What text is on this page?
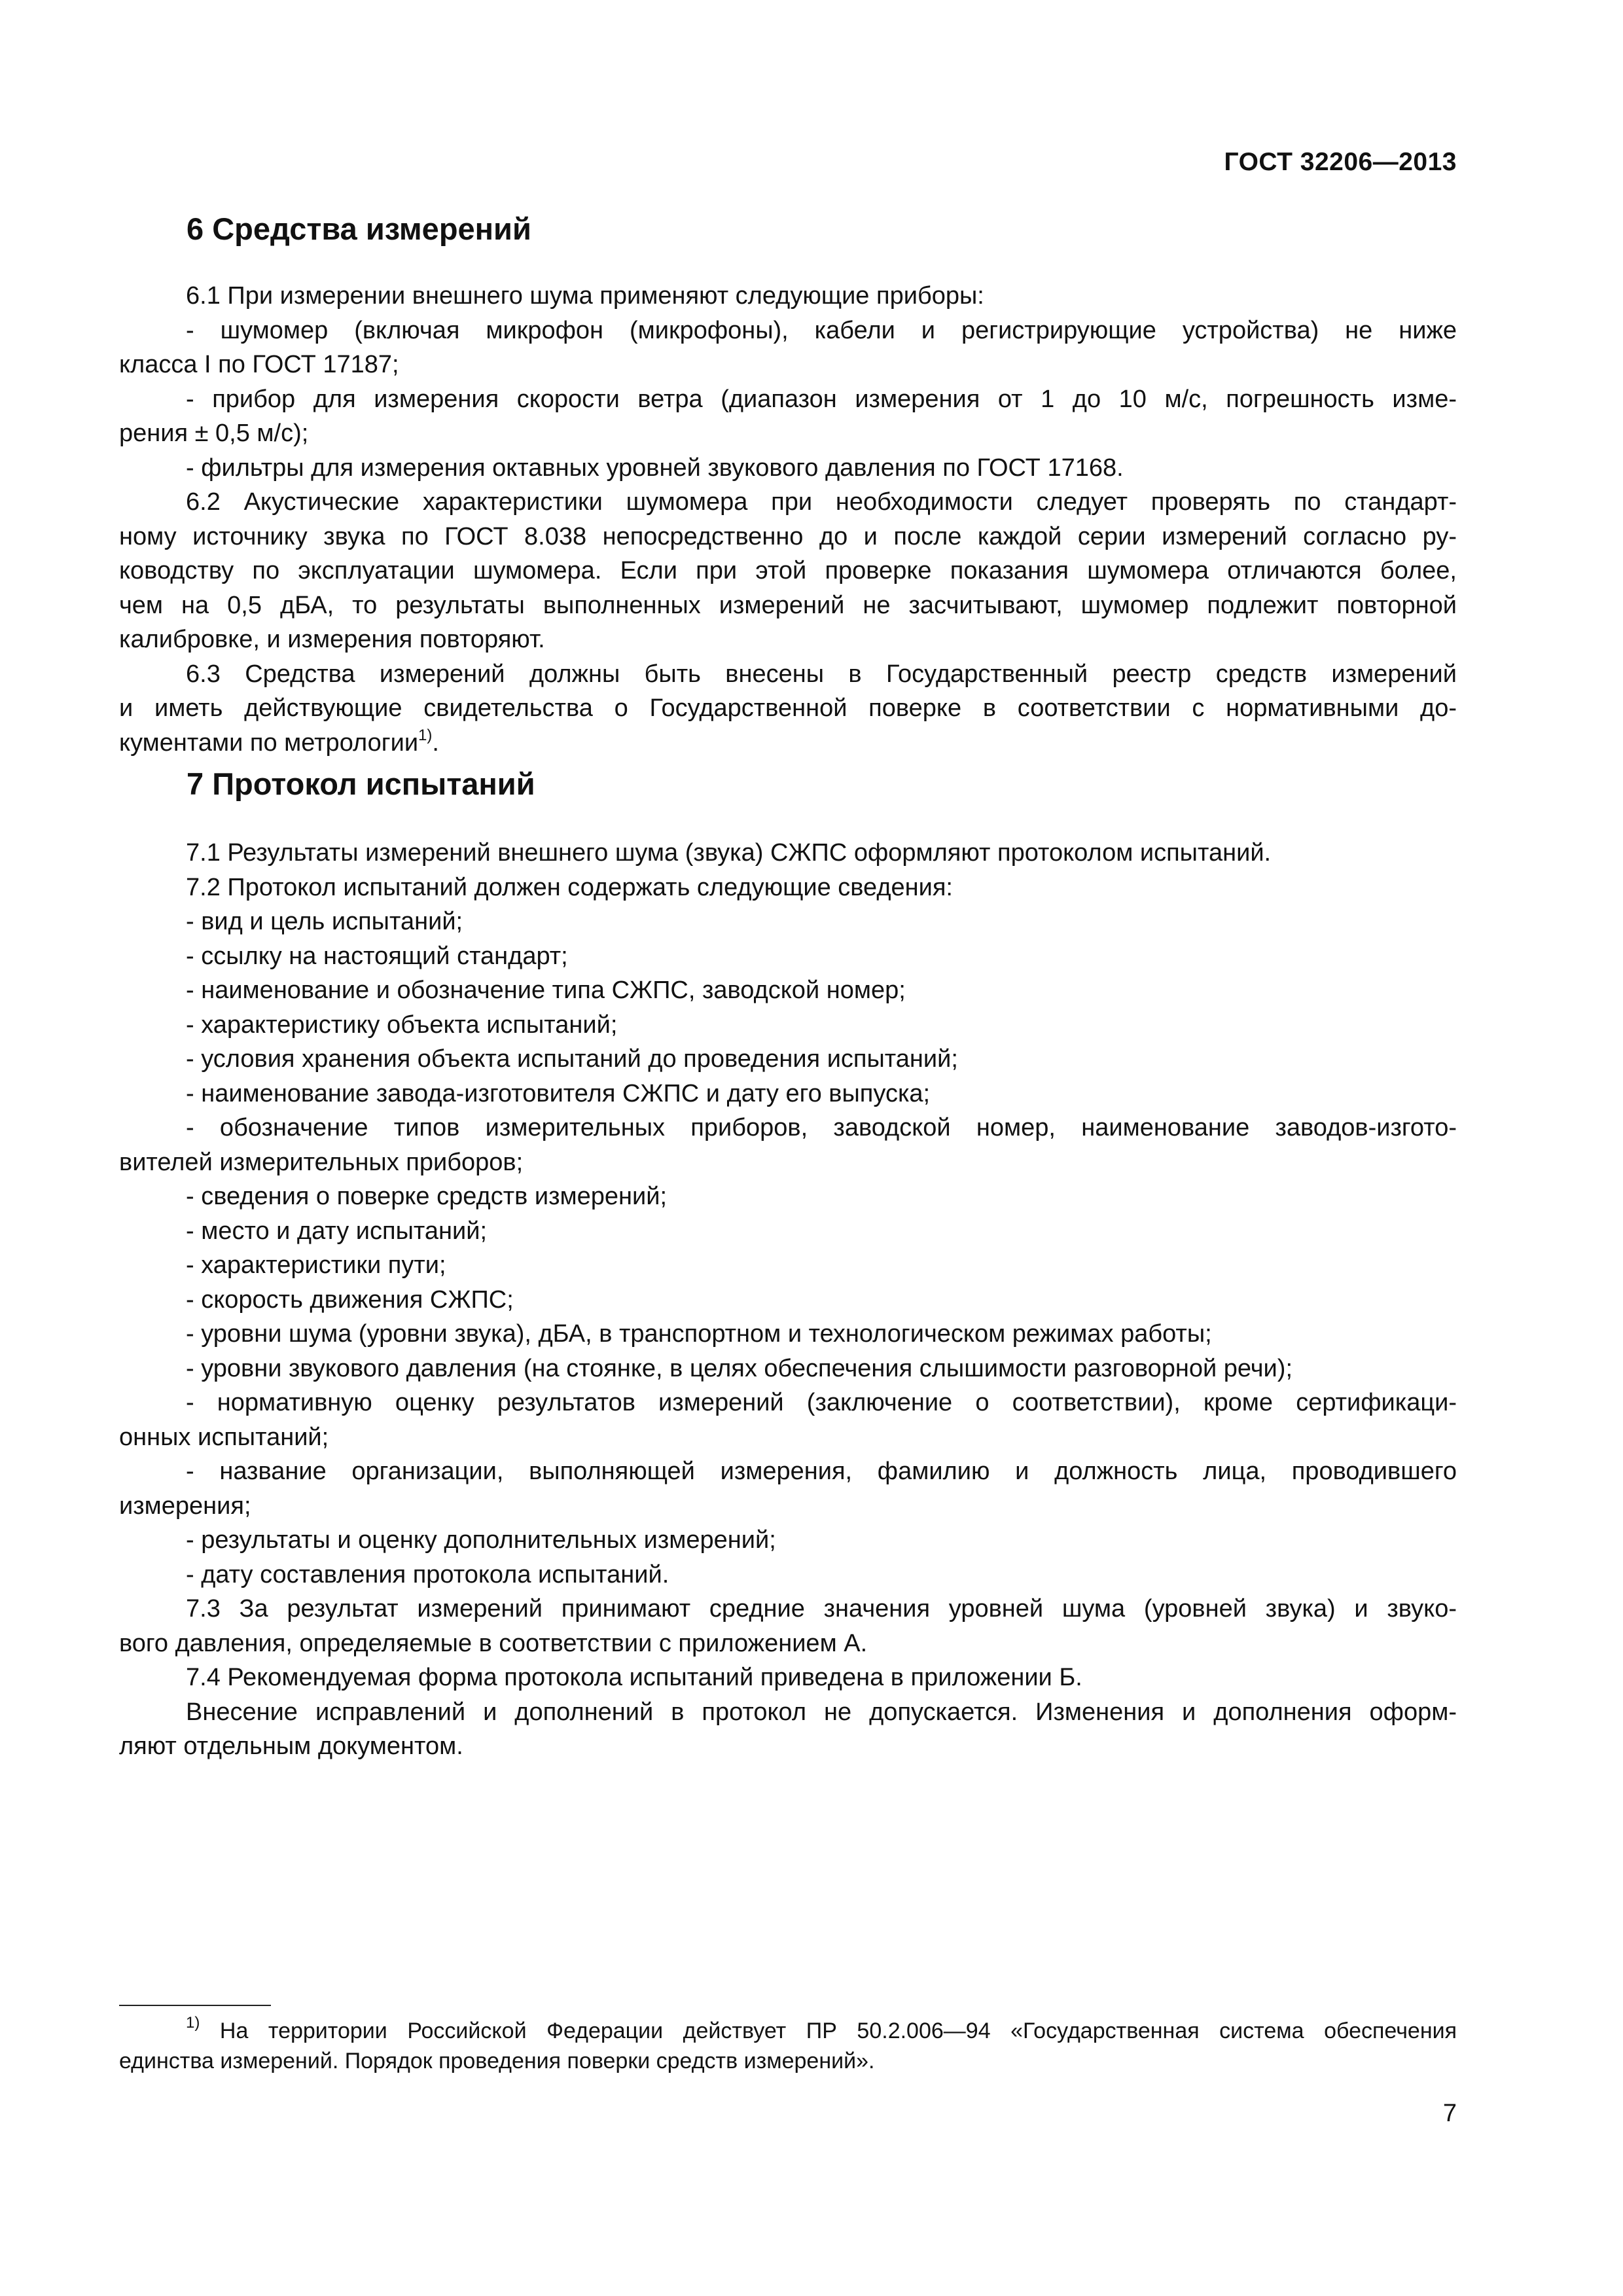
ГОСТ 32206—2013
6 Средства измерений
6.1 При измерении внешнего шума применяют следующие приборы:
- шумомер (включая микрофон (микрофоны), кабели и регистрирующие устройства) не ниже
класса I по ГОСТ 17187;
- прибор для измерения скорости ветра (диапазон измерения от 1 до 10 м/с, погрешность изме-
рения ± 0,5 м/с);
- фильтры для измерения октавных уровней звукового давления по ГОСТ 17168.
6.2 Акустические характеристики шумомера при необходимости следует проверять по стандарт-
ному источнику звука по ГОСТ 8.038 непосредственно до и после каждой серии измерений согласно ру-
ководству по эксплуатации шумомера. Если при этой проверке показания шумомера отличаются более,
чем на 0,5 дБА, то результаты выполненных измерений не засчитывают, шумомер подлежит повторной
калибровке, и измерения повторяют.
6.3 Средства измерений должны быть внесены в Государственный реестр средств измерений
и иметь действующие свидетельства о Государственной поверке в соответствии с нормативными до-
кументами по метрологии$^{1)}$.
7 Протокол испытаний
7.1 Результаты измерений внешнего шума (звука) СЖПС оформляют протоколом испытаний.
7.2 Протокол испытаний должен содержать следующие сведения:
- вид и цель испытаний;
- ссылку на настоящий стандарт;
- наименование и обозначение типа СЖПС, заводской номер;
- характеристику объекта испытаний;
- условия хранения объекта испытаний до проведения испытаний;
- наименование завода-изготовителя СЖПС и дату его выпуска;
- обозначение типов измерительных приборов, заводской номер, наименование заводов-изгото-
вителей измерительных приборов;
- сведения о поверке средств измерений;
- место и дату испытаний;
- характеристики пути;
- скорость движения СЖПС;
- уровни шума (уровни звука), дБА, в транспортном и технологическом режимах работы;
- уровни звукового давления (на стоянке, в целях обеспечения слышимости разговорной речи);
- нормативную оценку результатов измерений (заключение о соответствии), кроме сертификаци-
онных испытаний;
- название организации, выполняющей измерения, фамилию и должность лица, проводившего
измерения;
- результаты и оценку дополнительных измерений;
- дату составления протокола испытаний.
7.3 За результат измерений принимают средние значения уровней шума (уровней звука) и звуко-
вого давления, определяемые в соответствии с приложением А.
7.4 Рекомендуемая форма протокола испытаний приведена в приложении Б.
Внесение исправлений и дополнений в протокол не допускается. Изменения и дополнения оформ-
ляют отдельным документом.
$^{1)}$ На территории Российской Федерации действует ПР 50.2.006—94 «Государственная система обеспечения
единства измерений. Порядок проведения поверки средств измерений».
7
